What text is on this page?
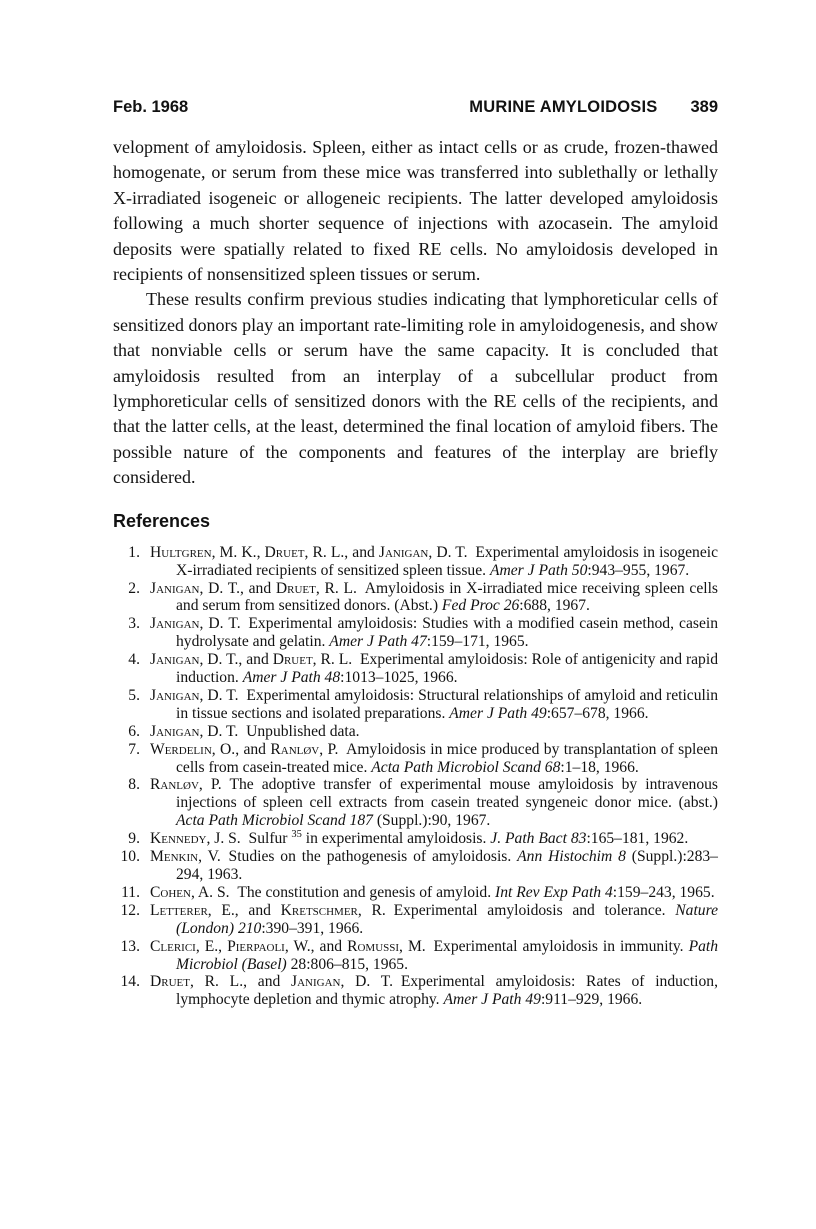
Feb. 1968	MURINE AMYLOIDOSIS 389

velopment of amyloidosis. Spleen, either as intact cells or as crude, frozen-thawed homogenate, or serum from these mice was transferred into sublethally or lethally X-irradiated isogeneic or allogeneic recipients. The latter developed amyloidosis following a much shorter sequence of injections with azocasein. The amyloid deposits were spatially related to fixed RE cells. No amyloidosis developed in recipients of nonsensitized spleen tissues or serum.

These results confirm previous studies indicating that lymphoreticular cells of sensitized donors play an important rate-limiting role in amyloidogenesis, and show that nonviable cells or serum have the same capacity. It is concluded that amyloidosis resulted from an interplay of a subcellular product from lymphoreticular cells of sensitized donors with the RE cells of the recipients, and that the latter cells, at the least, determined the final location of amyloid fibers. The possible nature of the components and features of the interplay are briefly considered.

References
1. Hultgren, M. K., Druet, R. L., and Janigan, D. T. Experimental amyloidosis in isogeneic X-irradiated recipients of sensitized spleen tissue. Amer J Path 50:943–955, 1967.
2. Janigan, D. T., and Druet, R. L. Amyloidosis in X-irradiated mice receiving spleen cells and serum from sensitized donors. (Abst.) Fed Proc 26:688, 1967.
3. Janigan, D. T. Experimental amyloidosis: Studies with a modified casein method, casein hydrolysate and gelatin. Amer J Path 47:159–171, 1965.
4. Janigan, D. T., and Druet, R. L. Experimental amyloidosis: Role of antigenicity and rapid induction. Amer J Path 48:1013–1025, 1966.
5. Janigan, D. T. Experimental amyloidosis: Structural relationships of amyloid and reticulin in tissue sections and isolated preparations. Amer J Path 49:657–678, 1966.
6. Janigan, D. T. Unpublished data.
7. Werdelin, O., and Ranløv, P. Amyloidosis in mice produced by transplantation of spleen cells from casein-treated mice. Acta Path Microbiol Scand 68:1–18, 1966.
8. Ranløv, P. The adoptive transfer of experimental mouse amyloidosis by intravenous injections of spleen cell extracts from casein treated syngeneic donor mice. (abst.) Acta Path Microbiol Scand 187 (Suppl.):90, 1967.
9. Kennedy, J. S. Sulfur $^{35}$ in experimental amyloidosis. J. Path Bact 83:165–181, 1962.
10. Menkin, V. Studies on the pathogenesis of amyloidosis. Ann Histochim 8 (Suppl.):283–294, 1963.
11. Cohen, A. S. The constitution and genesis of amyloid. Int Rev Exp Path 4:159–243, 1965.
12. Letterer, E., and Kretschmer, R. Experimental amyloidosis and tolerance. Nature (London) 210:390–391, 1966.
13. Clerici, E., Pierpaoli, W., and Romussi, M. Experimental amyloidosis in immunity. Path Microbiol (Basel) 28:806–815, 1965.
14. Druet, R. L., and Janigan, D. T. Experimental amyloidosis: Rates of induction, lymphocyte depletion and thymic atrophy. Amer J Path 49:911–929, 1966.
